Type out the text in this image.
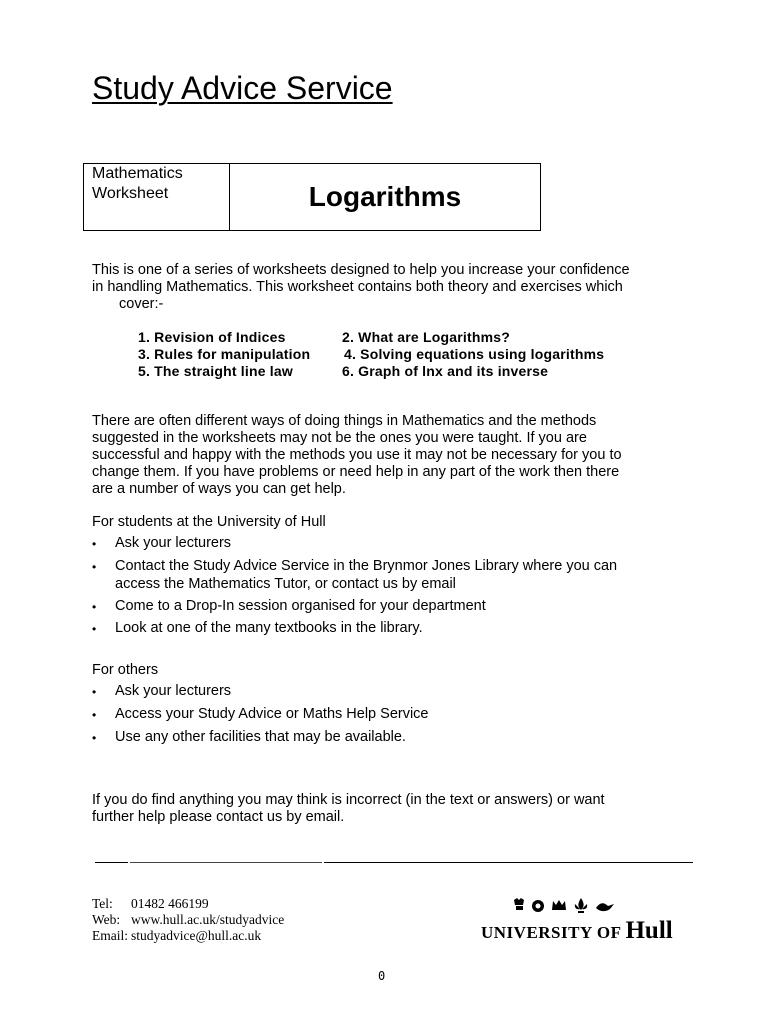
Study Advice Service
Mathematics
Worksheet	Logarithms
This is one of a series of worksheets designed to help you increase your confidence
in handling Mathematics. This worksheet contains both theory and exercises which
cover:-
1. Revision of Indices	2. What are Logarithms?
3. Rules for manipulation 4. Solving equations using logarithms
5. The straight line law	6. Graph of lnx and its inverse
There are often different ways of doing things in Mathematics and the methods
suggested in the worksheets may not be the ones you were taught. If you are
successful and happy with the methods you use it may not be necessary for you to
change them. If you have problems or need help in any part of the work then there
are a number of ways you can get help.
For students at the University of Hull
• Ask your lecturers
• Contact the Study Advice Service in the Brynmor Jones Library where you can
access the Mathematics Tutor, or contact us by email
• Come to a Drop-In session organised for your department
• Look at one of the many textbooks in the library.
For others
• Ask your lecturers
• Access your Study Advice or Maths Help Service
• Use any other facilities that may be available.
If you do find anything you may think is incorrect (in the text or answers) or want
further help please contact us by email.
Tel: 01482 466199
Web: www.hull.ac.uk/studyadvice
Email: studyadvice@hull.ac.uk	UNIVERSITY OF Hull
0
